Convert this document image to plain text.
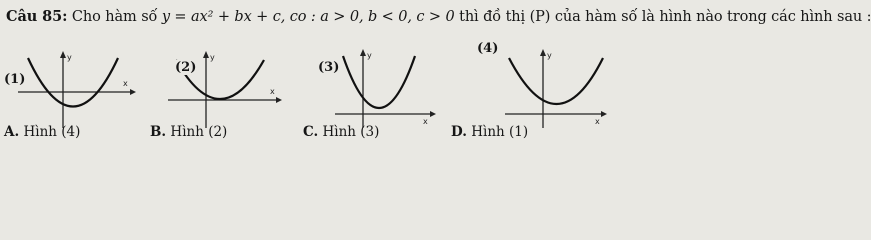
Câu 85: Cho hàm số y = ax² + bx + c, co : a > 0, b < 0, c > 0 thì đồ thị (P) của hàm số là hình nào trong các hình sau :
x
y
(1)
x
y
(2)
y
x
(3)
y
x
(4)
A. Hình (4)	B. Hình (2)	C. Hình (3)	D. Hình (1)
